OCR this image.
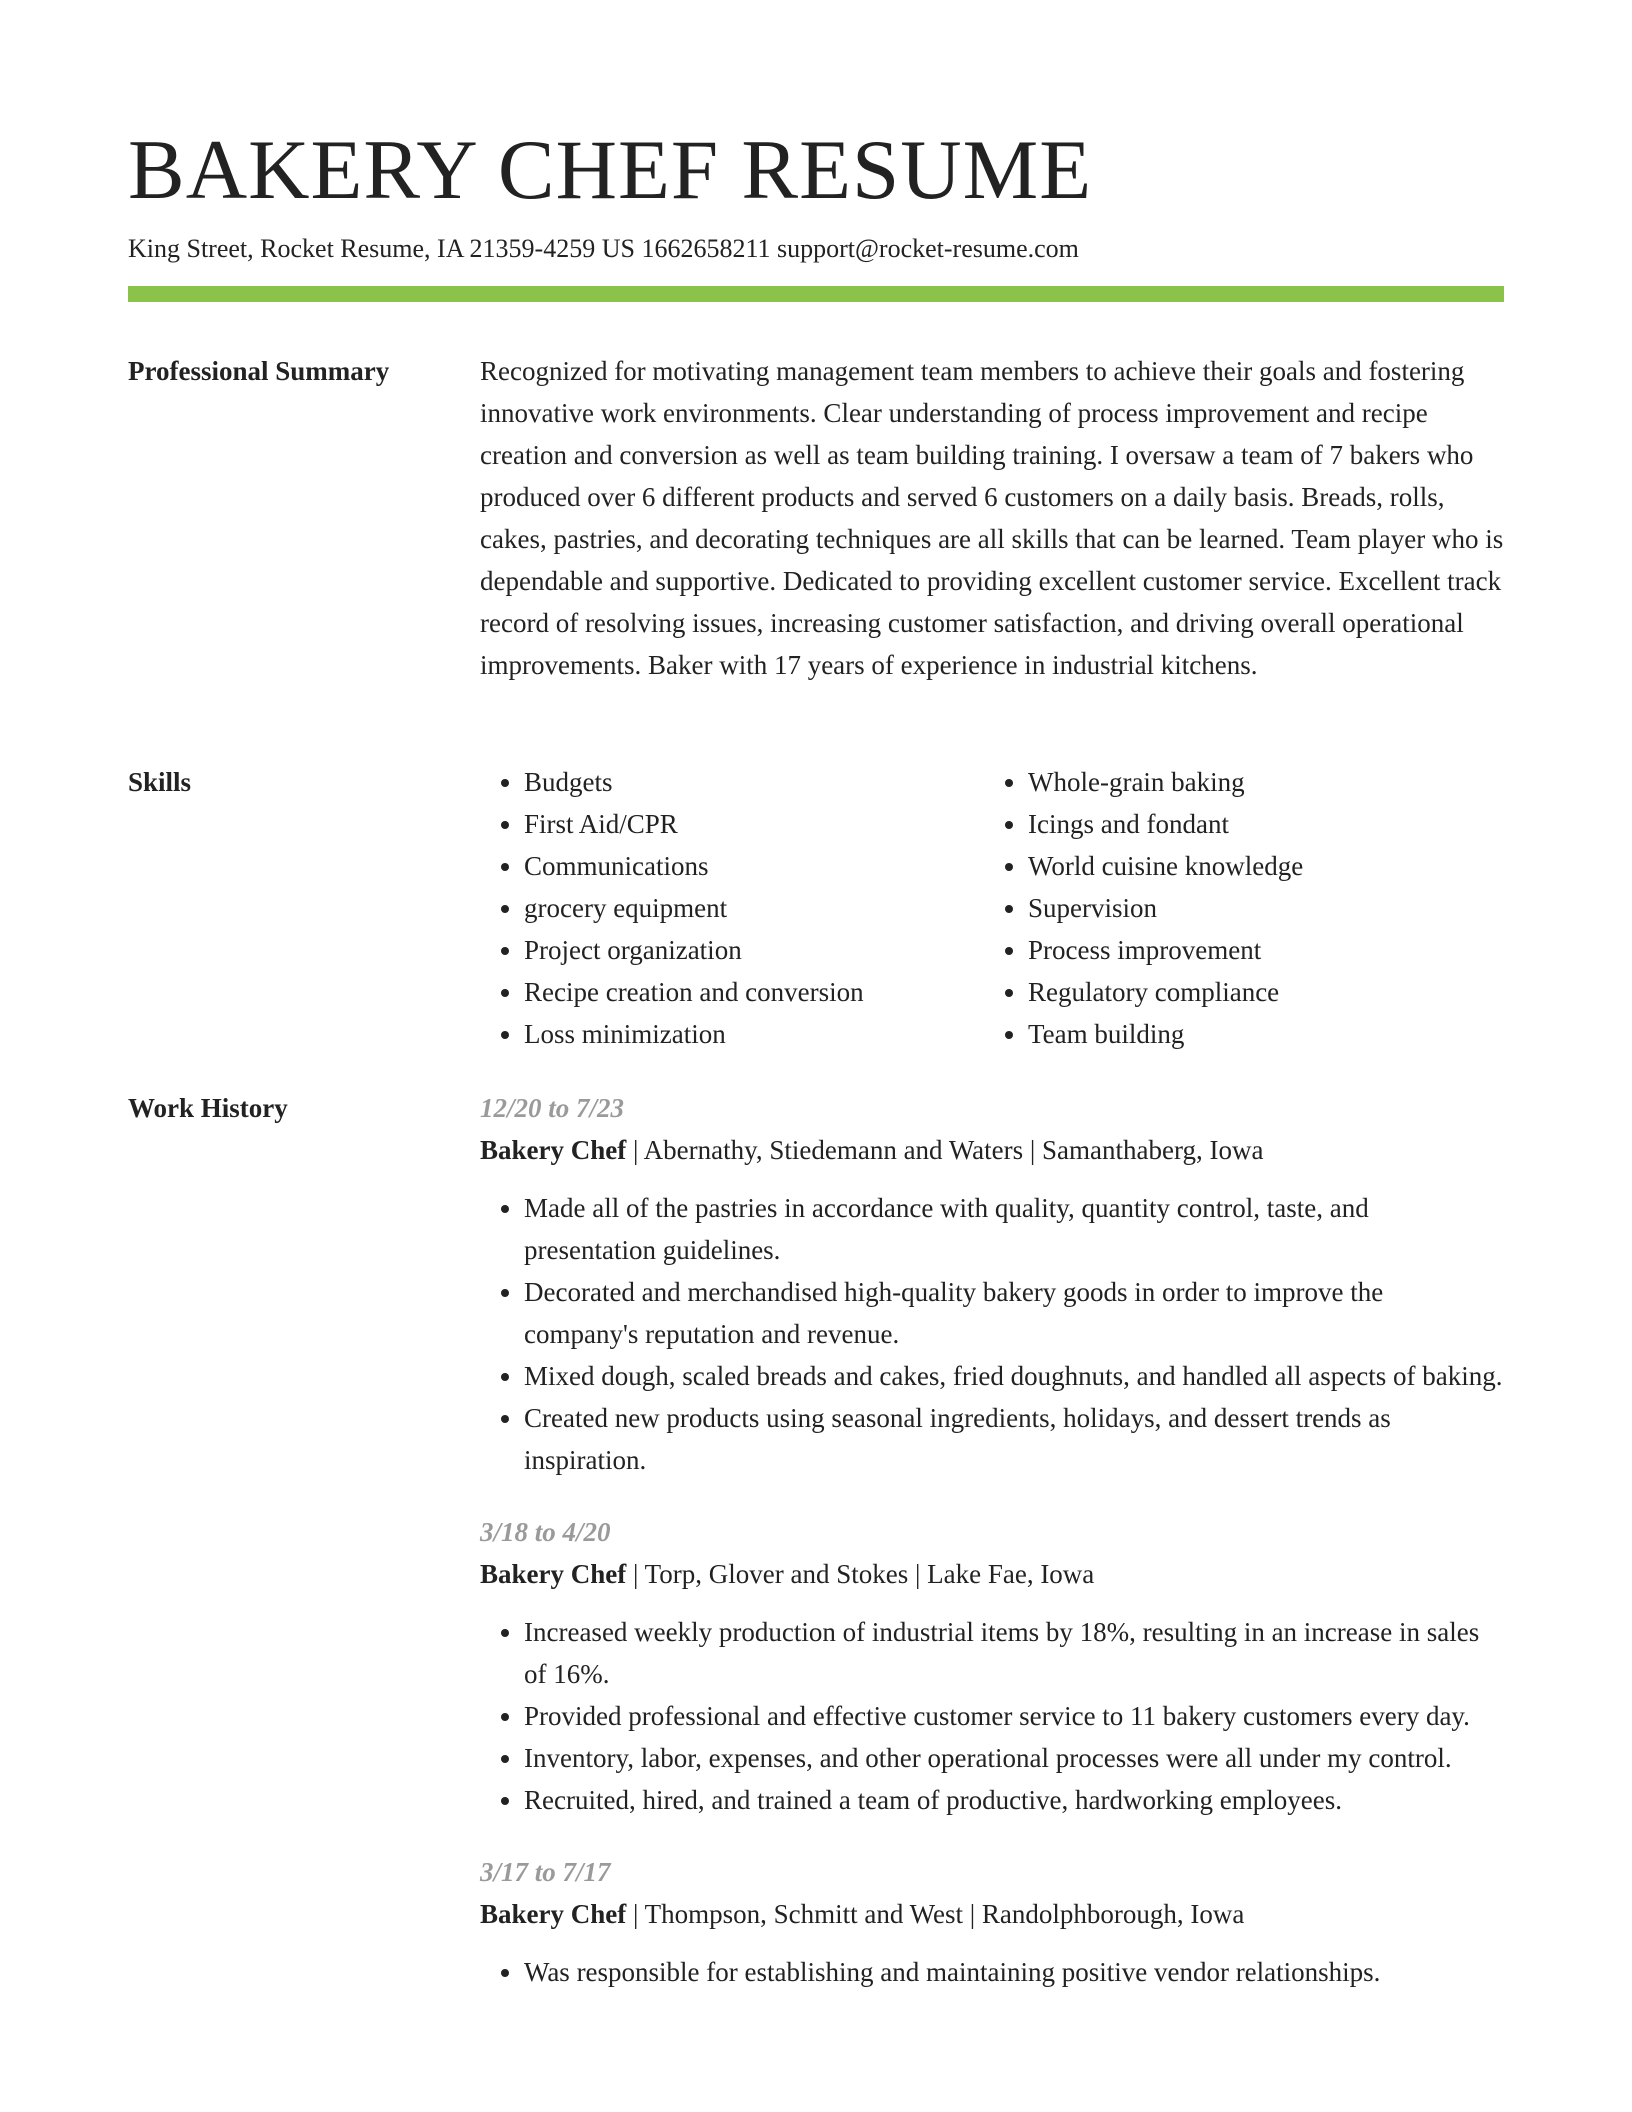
BAKERY CHEF RESUME
King Street, Rocket Resume, IA 21359-4259 US 1662658211 support@rocket-resume.com
Professional Summary	Recognized for motivating management team members to achieve their goals and fostering innovative work environments. Clear understanding of process improvement and recipe creation and conversion as well as team building training. I oversaw a team of 7 bakers who produced over 6 different products and served 6 customers on a daily basis. Breads, rolls, cakes, pastries, and decorating techniques are all skills that can be learned. Team player who is dependable and supportive. Dedicated to providing excellent customer service. Excellent track record of resolving issues, increasing customer satisfaction, and driving overall operational improvements. Baker with 17 years of experience in industrial kitchens.

Skills
•	Budgets
• First Aid/CPR
• Communications
• grocery equipment
• Project organization
• Recipe creation and conversion
• Loss minimization
• Whole-grain baking
• Icings and fondant
• World cuisine knowledge
• Supervision
• Process improvement
• Regulatory compliance
• Team building
Work History	12/20 to 7/23
Bakery Chef | Abernathy, Stiedemann and Waters | Samanthaberg, Iowa
• Made all of the pastries in accordance with quality, quantity control, taste, and presentation guidelines.
• Decorated and merchandised high-quality bakery goods in order to improve the company's reputation and revenue.
• Mixed dough, scaled breads and cakes, fried doughnuts, and handled all aspects of baking.
• Created new products using seasonal ingredients, holidays, and dessert trends as inspiration.
3/18 to 4/20
Bakery Chef | Torp, Glover and Stokes | Lake Fae, Iowa
• Increased weekly production of industrial items by 18%, resulting in an increase in sales of 16%.
• Provided professional and effective customer service to 11 bakery customers every day.
• Inventory, labor, expenses, and other operational processes were all under my control.
• Recruited, hired, and trained a team of productive, hardworking employees.
3/17 to 7/17
Bakery Chef | Thompson, Schmitt and West | Randolphborough, Iowa
• Was responsible for establishing and maintaining positive vendor relationships.
